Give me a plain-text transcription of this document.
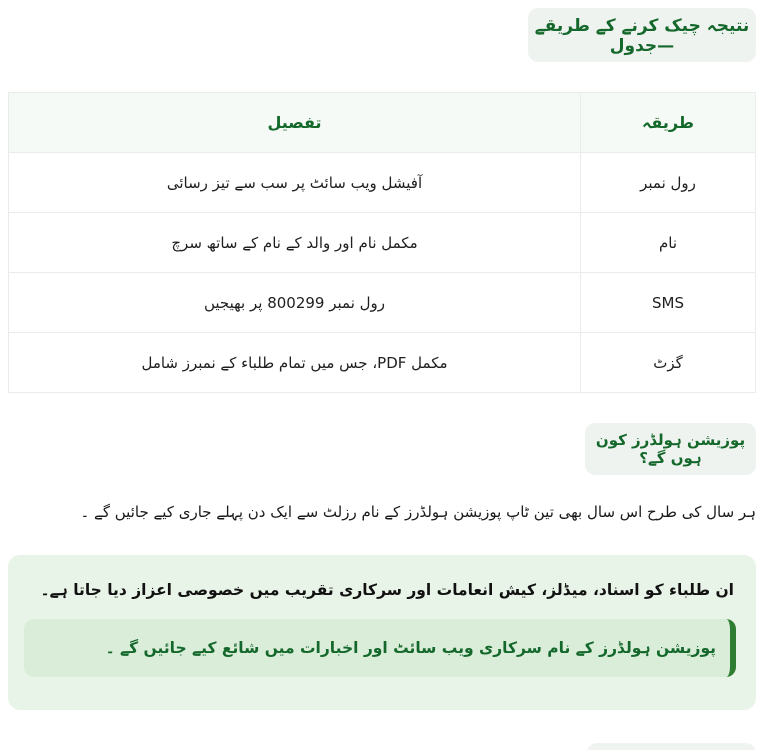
نتیجہ چیک کرنے کے طریقے—جدول
طریقہ	تفصیل
رول نمبر	آفیشل ویب سائٹ پر سب سے تیز رسائی
نام	مکمل نام اور والد کے نام کے ساتھ سرچ
SMS	رول نمبر 800299 پر بھیجیں
گزٹ	مکمل PDF، جس میں تمام طلباء کے نمبرز شامل
پوزیشن ہولڈرز کون ہوں گے؟

ہر سال کی طرح اس سال بھی تین ٹاپ پوزیشن ہولڈرز کے نام رزلٹ سے ایک دن پہلے جاری کیے جائیں گے ۔

ان طلباء کو اسناد، میڈلز، کیش انعامات اور سرکاری تقریب میں خصوصی اعزاز دیا جاتا ہے۔
پوزیشن ہولڈرز کے نام سرکاری ویب سائٹ اور اخبارات میں شائع کیے جائیں گے ۔
